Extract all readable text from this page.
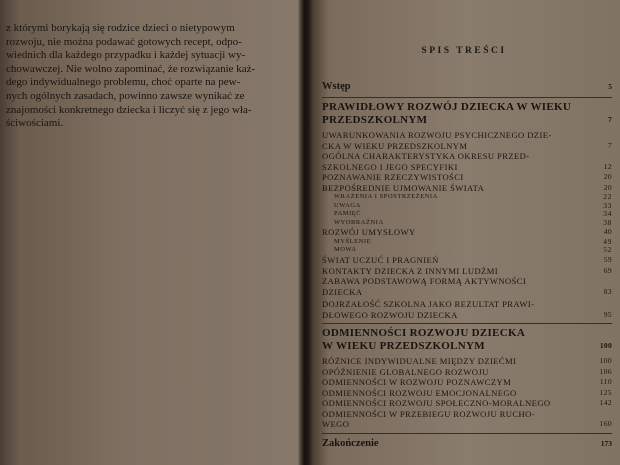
z którymi borykają się rodzice dzieci o nietypowym
rozwoju, nie można podawać gotowych recept, odpo-
wiednich dla każdego przypadku i każdej sytuacji wy-
chowawczej. Nie wolno zapominać, że rozwiązanie każ-
dego indywidualnego problemu, choć oparte na pew-
nych ogólnych zasadach, powinno zawsze wynikać ze
znajomości konkretnego dziecka i liczyć się z jego wła-
ściwościami.
SPIS TREŚCI
Wstęp	5
PRAWIDŁOWY ROZWÓJ DZIECKA W WIEKU
PRZEDSZKOLNYM	7
UWARUNKOWANIA ROZWOJU PSYCHICZNEGO DZIE-
CKA W WIEKU PRZEDSZKOLNYM	7
OGÓLNA CHARAKTERYSTYKA OKRESU PRZED-
SZKOLNEGO I JEGO SPECYFIKI	12
POZNAWANIE RZECZYWISTOŚCI	20
BEZPOŚREDNIE UJMOWANIE ŚWIATA	20
WRAŻENIA I SPOSTRZEŻENIA	22
UWAGA	33
PAMIĘĆ	34
WYOBRAŹNIA	38
ROZWÓJ UMYSŁOWY	40
MYŚLENIE	49
MOWA	52
ŚWIAT UCZUĆ I PRAGNIEŃ	59
KONTAKTY DZIECKA Z INNYMI LUDŹMI	69
ZABAWA PODSTAWOWĄ FORMĄ AKTYWNOŚCI
DZIECKA	83
DOJRZAŁOŚĆ SZKOLNA JAKO REZULTAT PRAWI-
DŁOWEGO ROZWOJU DZIECKA	95
ODMIENNOŚCI ROZWOJU DZIECKA
W WIEKU PRZEDSZKOLNYM	100
RÓŻNICE INDYWIDUALNE MIĘDZY DZIEĆMI	100
OPÓŹNIENIE GLOBALNEGO ROZWOJU	106
ODMIENNOŚCI W ROZWOJU POZNAWCZYM	110
ODMIENNOŚCI ROZWOJU EMOCJONALNEGO	125
ODMIENNOŚCI ROZWOJU SPOŁECZNO-MORALNEGO	142
ODMIENNOŚCI W PRZEBIEGU ROZWOJU RUCHO-
WEGO	160
Zakończenie	173
